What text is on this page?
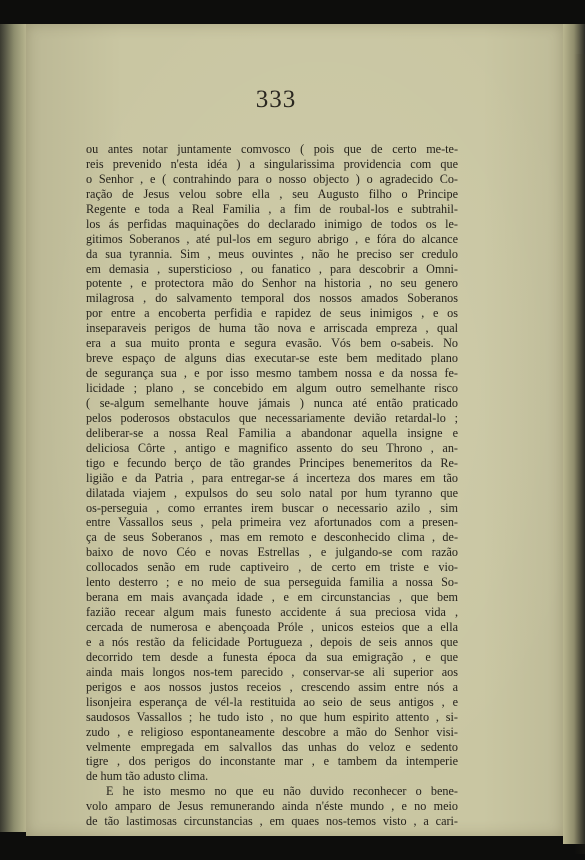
333
ou antes notar juntamente comvosco ( pois que de certo me-te-
reis prevenido n'esta idéa ) a singularissima providencia com que
o Senhor , e ( contrahindo para o nosso objecto ) o agradecido Co-
ração de Jesus velou sobre ella , seu Augusto filho o Principe
Regente e toda a Real Familia , a fim de roubal-los e subtrahil-
los ás perfidas maquinações do declarado inimigo de todos os le-
gitimos Soberanos , até pul-los em seguro abrigo , e fóra do alcance
da sua tyrannia. Sim , meus ouvintes , não he preciso ser credulo
em demasia , supersticioso , ou fanatico , para descobrir a Omni-
potente , e protectora mão do Senhor na historia , no seu genero
milagrosa , do salvamento temporal dos nossos amados Soberanos
por entre a encoberta perfidia e rapidez de seus inimigos , e os
inseparaveis perigos de huma tão nova e arriscada empreza , qual
era a sua muito pronta e segura evasão. Vós bem o-sabeis. No
breve espaço de alguns dias executar-se este bem meditado plano
de segurança sua , e por isso mesmo tambem nossa e da nossa fe-
licidade ; plano , se concebido em algum outro semelhante risco
( se-algum semelhante houve jámais ) nunca até então praticado
pelos poderosos obstaculos que necessariamente devião retardal-lo ;
deliberar-se a nossa Real Familia a abandonar aquella insigne e
deliciosa Côrte , antigo e magnifico assento do seu Throno , an-
tigo e fecundo berço de tão grandes Principes benemeritos da Re-
ligião e da Patria , para entregar-se á incerteza dos mares em tão
dilatada viajem , expulsos do seu solo natal por hum tyranno que
os-perseguia , como errantes irem buscar o necessario azilo , sim
entre Vassallos seus , pela primeira vez afortunados com a presen-
ça de seus Soberanos , mas em remoto e desconhecido clima , de-
baixo de novo Céo e novas Estrellas , e julgando-se com razão
collocados senão em rude captiveiro , de certo em triste e vio-
lento desterro ; e no meio de sua perseguida familia a nossa So-
berana em mais avançada idade , e em circunstancias , que bem
fazião recear algum mais funesto accidente á sua preciosa vida ,
cercada de numerosa e abençoada Próle , unicos esteios que a ella
e a nós restão da felicidade Portugueza , depois de seis annos que
decorrido tem desde a funesta época da sua emigração , e que
ainda mais longos nos-tem parecido , conservar-se ali superior aos
perigos e aos nossos justos receios , crescendo assim entre nós a
lisonjeira esperança de vél-la restituida ao seio de seus antigos , e
saudosos Vassallos ; he tudo isto , no que hum espirito attento , si-
zudo , e religioso espontaneamente descobre a mão do Senhor visi-
velmente empregada em salvallos das unhas do veloz e sedento
tigre , dos perigos do inconstante mar , e tambem da intemperie
de hum tão adusto clima.
E he isto mesmo no que eu não duvido reconhecer o bene-
volo amparo de Jesus remunerando ainda n'éste mundo , e no meio
de tão lastimosas circunstancias , em quaes nos-temos visto , a cari-
